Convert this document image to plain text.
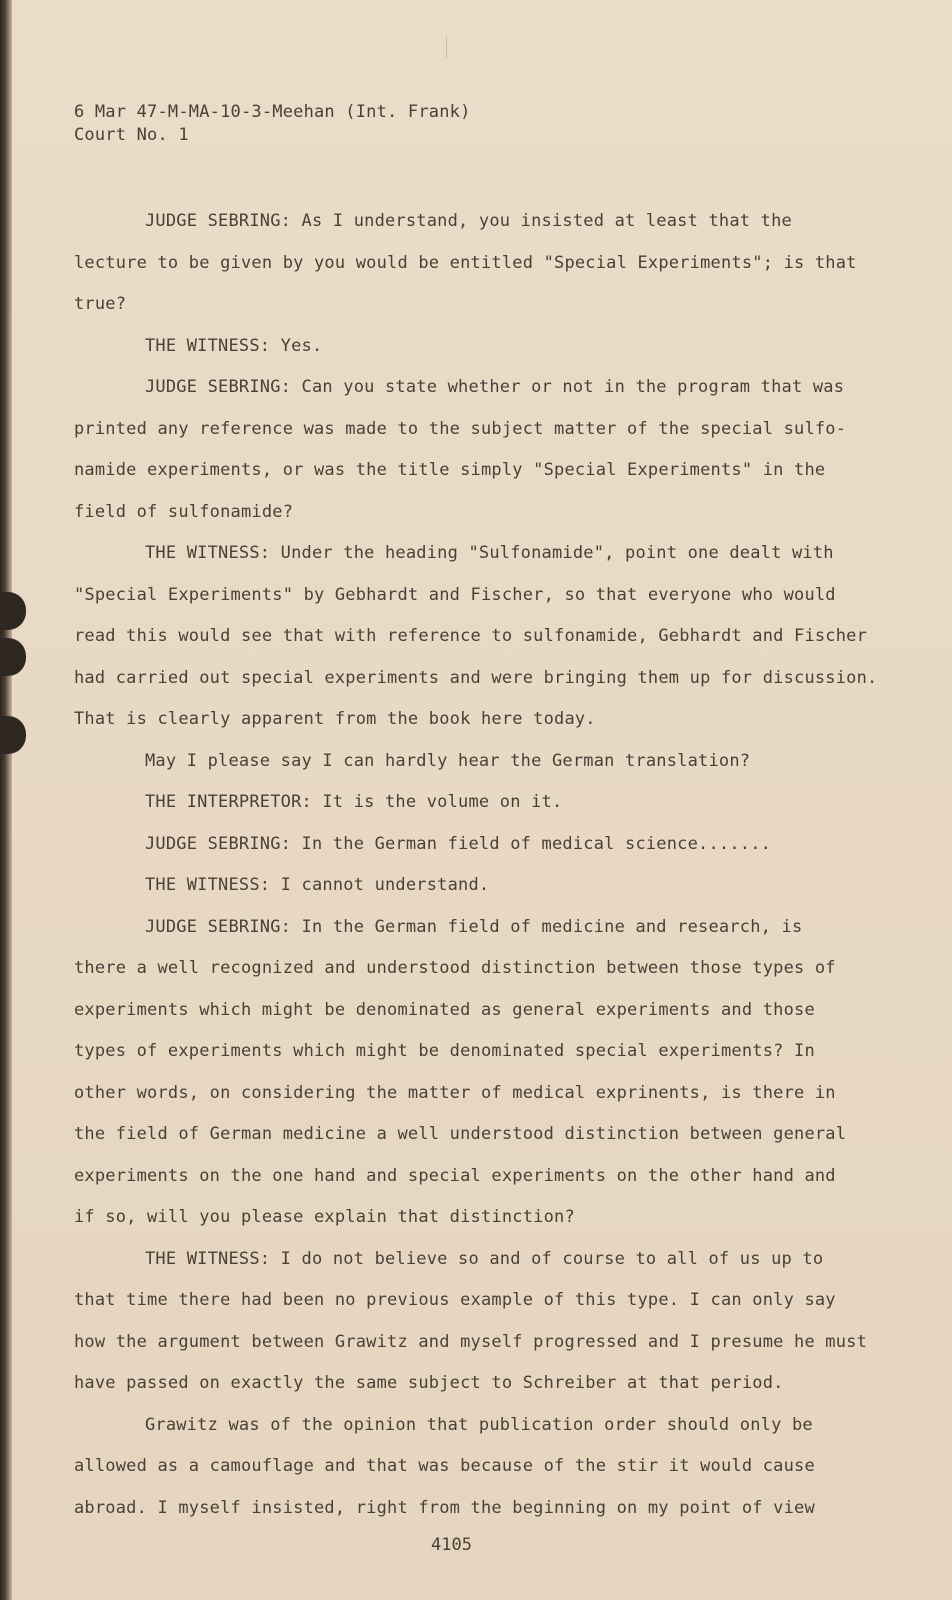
6 Mar 47-M-MA-10-3-Meehan (Int. Frank)
Court No. 1
JUDGE SEBRING: As I understand, you insisted at least that the
lecture to be given by you would be entitled "Special Experiments"; is that
true?
THE WITNESS: Yes.
JUDGE SEBRING: Can you state whether or not in the program that was
printed any reference was made to the subject matter of the special sulfo-
namide experiments, or was the title simply "Special Experiments" in the
field of sulfonamide?
THE WITNESS: Under the heading "Sulfonamide", point one dealt with
"Special Experiments" by Gebhardt and Fischer, so that everyone who would
read this would see that with reference to sulfonamide, Gebhardt and Fischer
had carried out special experiments and were bringing them up for discussion.
That is clearly apparent from the book here today.
May I please say I can hardly hear the German translation?
THE INTERPRETOR: It is the volume on it.
JUDGE SEBRING: In the German field of medical science.......
THE WITNESS: I cannot understand.
JUDGE SEBRING: In the German field of medicine and research, is
there a well recognized and understood distinction between those types of
experiments which might be denominated as general experiments and those
types of experiments which might be denominated special experiments? In
other words, on considering the matter of medical exprinents, is there in
the field of German medicine a well understood distinction between general
experiments on the one hand and special experiments on the other hand and
if so, will you please explain that distinction?
THE WITNESS: I do not believe so and of course to all of us up to
that time there had been no previous example of this type. I can only say
how the argument between Grawitz and myself progressed and I presume he must
have passed on exactly the same subject to Schreiber at that period.
Grawitz was of the opinion that publication order should only be
allowed as a camouflage and that was because of the stir it would cause
abroad. I myself insisted, right from the beginning on my point of view
4105
